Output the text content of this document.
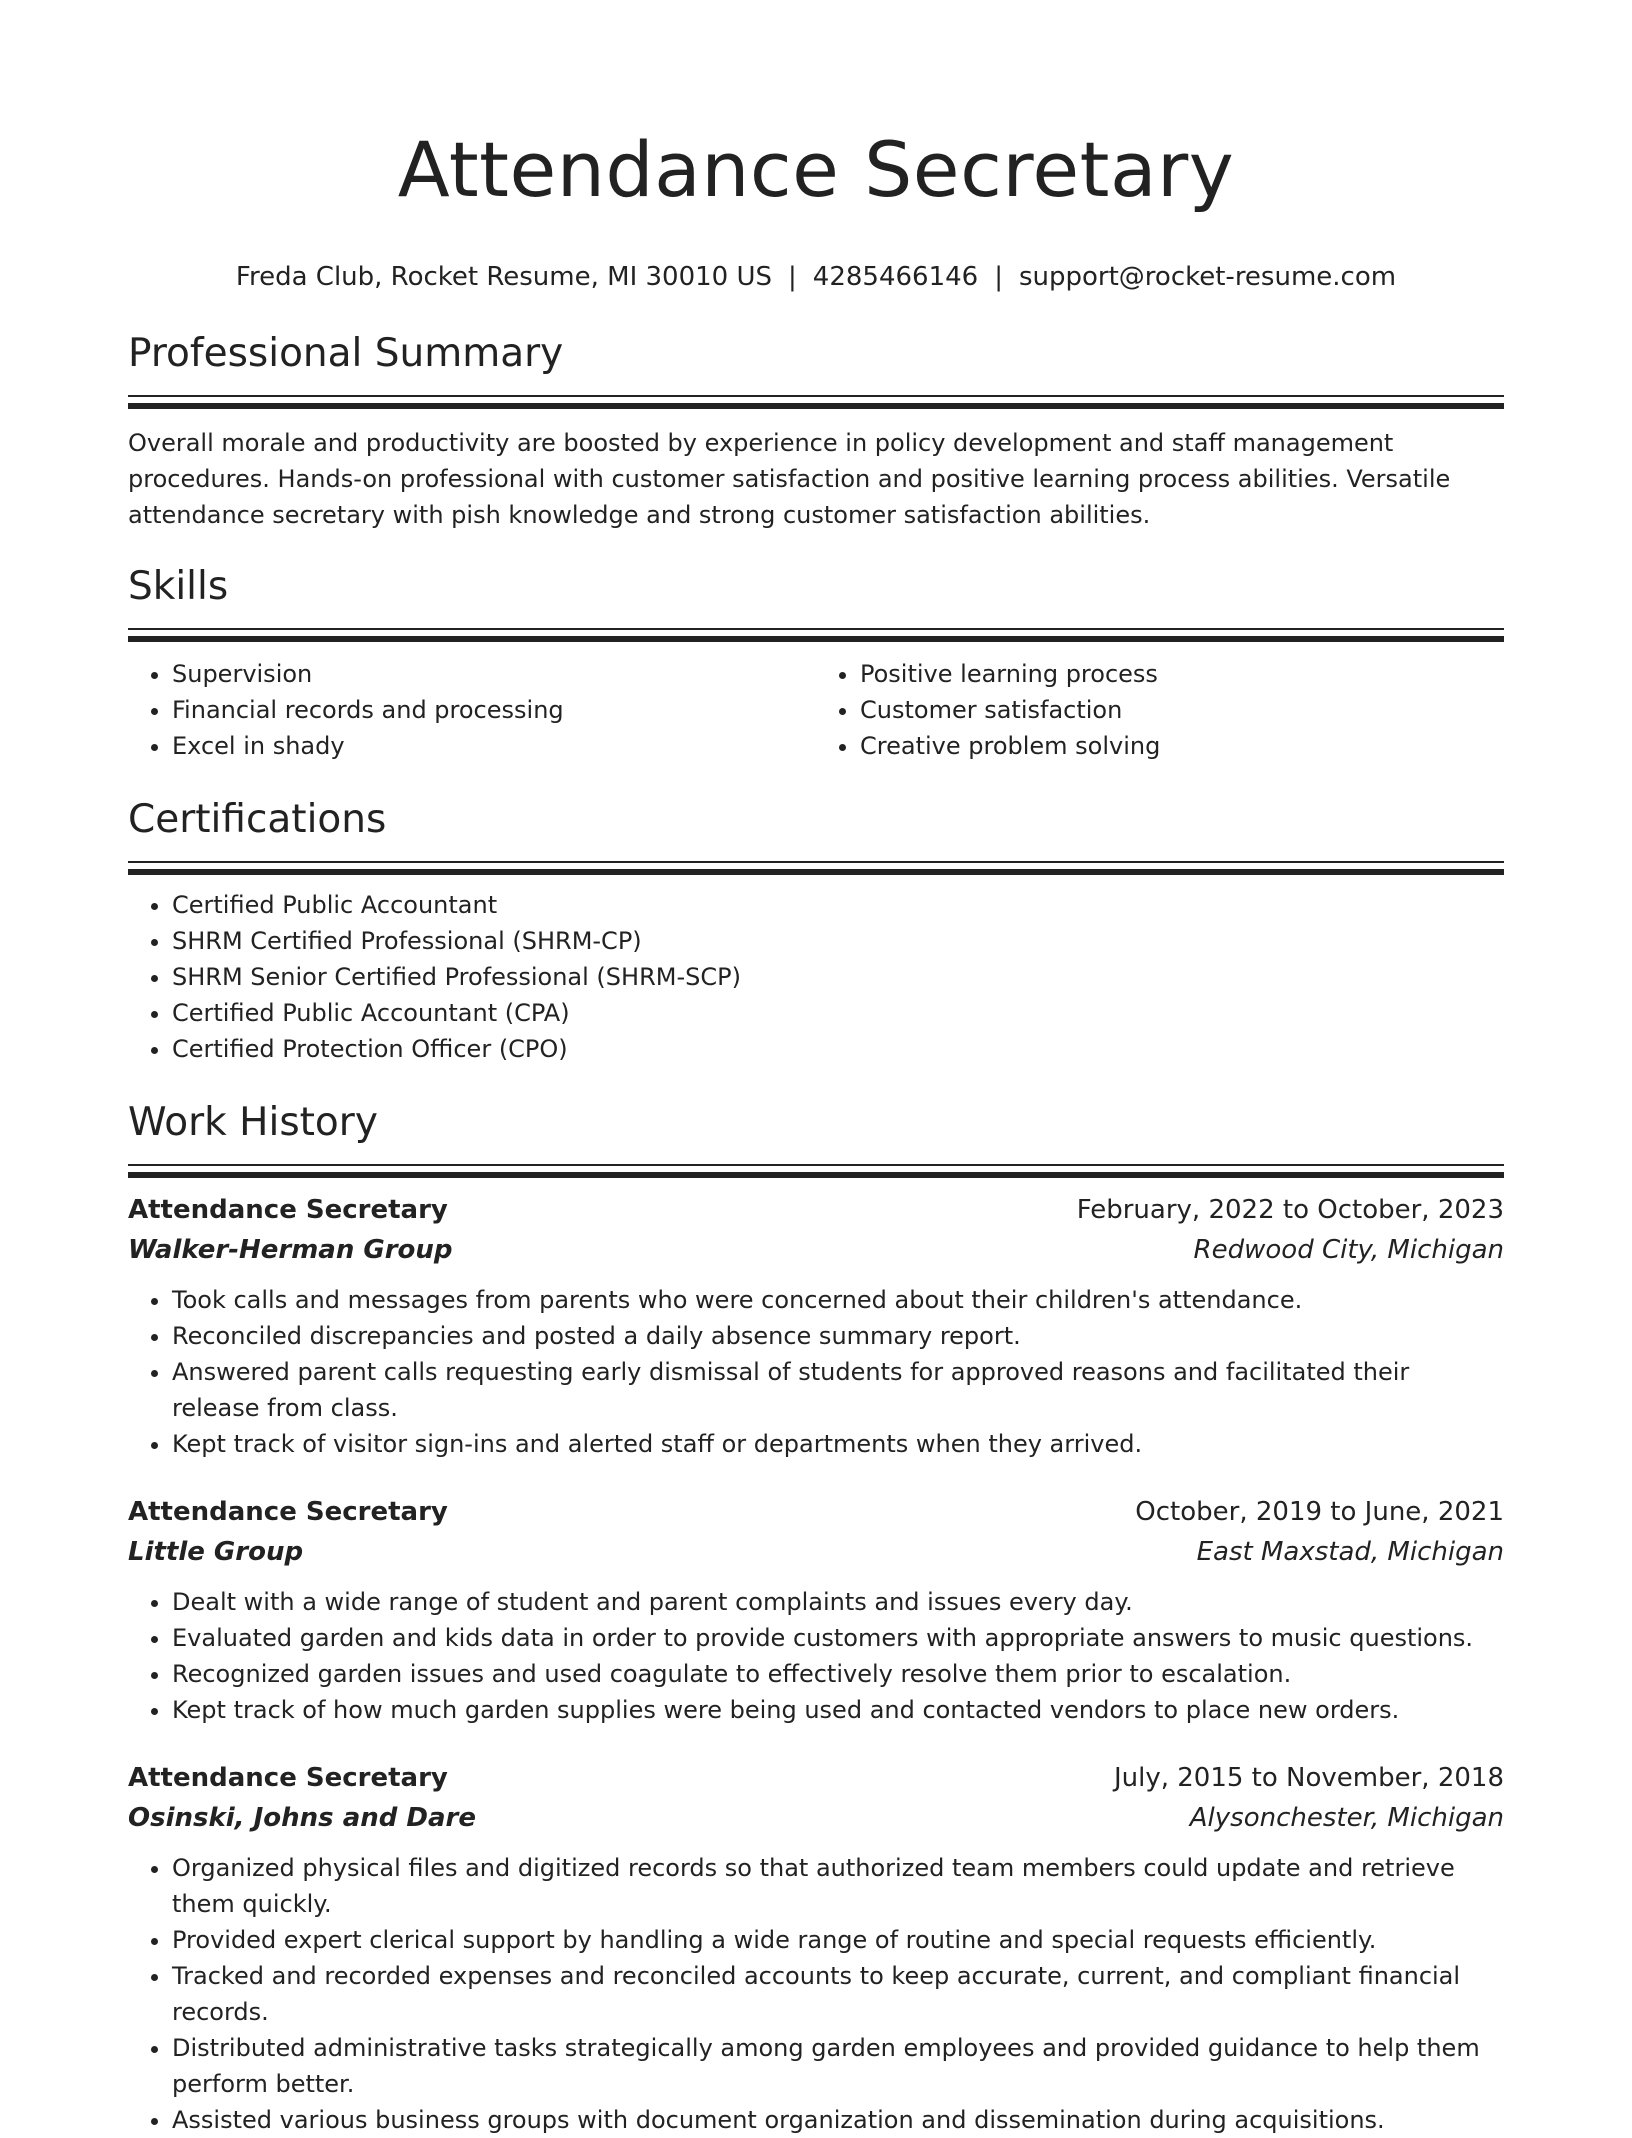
Attendance Secretary
Freda Club, Rocket Resume, MI 30010 US | 4285466146 | support@rocket-resume.com
Professional Summary

Overall morale and productivity are boosted by experience in policy development and staff management procedures. Hands-on professional with customer satisfaction and positive learning process abilities. Versatile attendance secretary with pish knowledge and strong customer satisfaction abilities.

Skills
• Supervision
• Financial records and processing
• Excel in shady
• Positive learning process
• Customer satisfaction
• Creative problem solving
Certifications
• Certified Public Accountant
• SHRM Certified Professional (SHRM-CP)
• SHRM Senior Certified Professional (SHRM-SCP)
• Certified Public Accountant (CPA)
• Certified Protection Officer (CPO)
Work History
Attendance Secretary	February, 2022 to October, 2023
Walker-Herman Group	Redwood City, Michigan
• Took calls and messages from parents who were concerned about their children's attendance.
• Reconciled discrepancies and posted a daily absence summary report.
• Answered parent calls requesting early dismissal of students for approved reasons and facilitated their release from class.
• Kept track of visitor sign-ins and alerted staff or departments when they arrived.
Attendance Secretary	October, 2019 to June, 2021
Little Group	East Maxstad, Michigan
• Dealt with a wide range of student and parent complaints and issues every day.
• Evaluated garden and kids data in order to provide customers with appropriate answers to music questions.
• Recognized garden issues and used coagulate to effectively resolve them prior to escalation.
• Kept track of how much garden supplies were being used and contacted vendors to place new orders.
Attendance Secretary	July, 2015 to November, 2018
Osinski, Johns and Dare	Alysonchester, Michigan
• Organized physical files and digitized records so that authorized team members could update and retrieve them quickly.
• Provided expert clerical support by handling a wide range of routine and special requests efficiently.
• Tracked and recorded expenses and reconciled accounts to keep accurate, current, and compliant financial records.
• Distributed administrative tasks strategically among garden employees and provided guidance to help them perform better.
• Assisted various business groups with document organization and dissemination during acquisitions.
